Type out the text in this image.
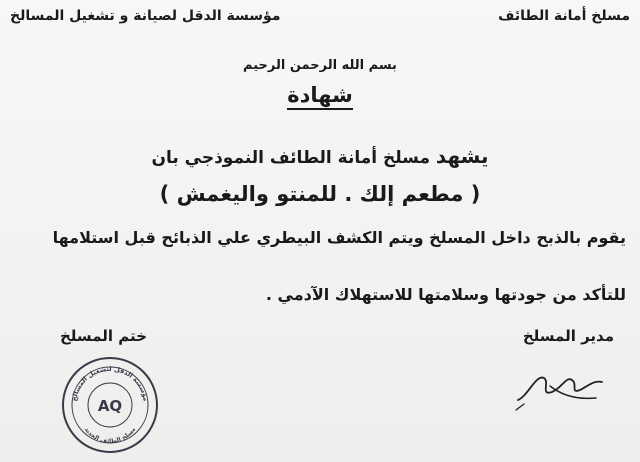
مسلخ أمانة الطائف
مؤسسة الدقل لصيانة و تشغيل المسالخ
بسم الله الرحمن الرحيم
شهادة
يشهد مسلخ أمانة الطائف النموذجي بان
( مطعم إلك . للمنتو واليغمش )
يقوم بالذبح داخل المسلخ ويتم الكشف البيطري علي الذبائح قبل استلامها
للتأكد من جودتها وسلامتها للاستهلاك الآدمي .
مدير المسلخ
ختم المسلخ
مؤسسة الدقل لتشغيل المسالخ
AQ
مسلخ الطائف الجديد
